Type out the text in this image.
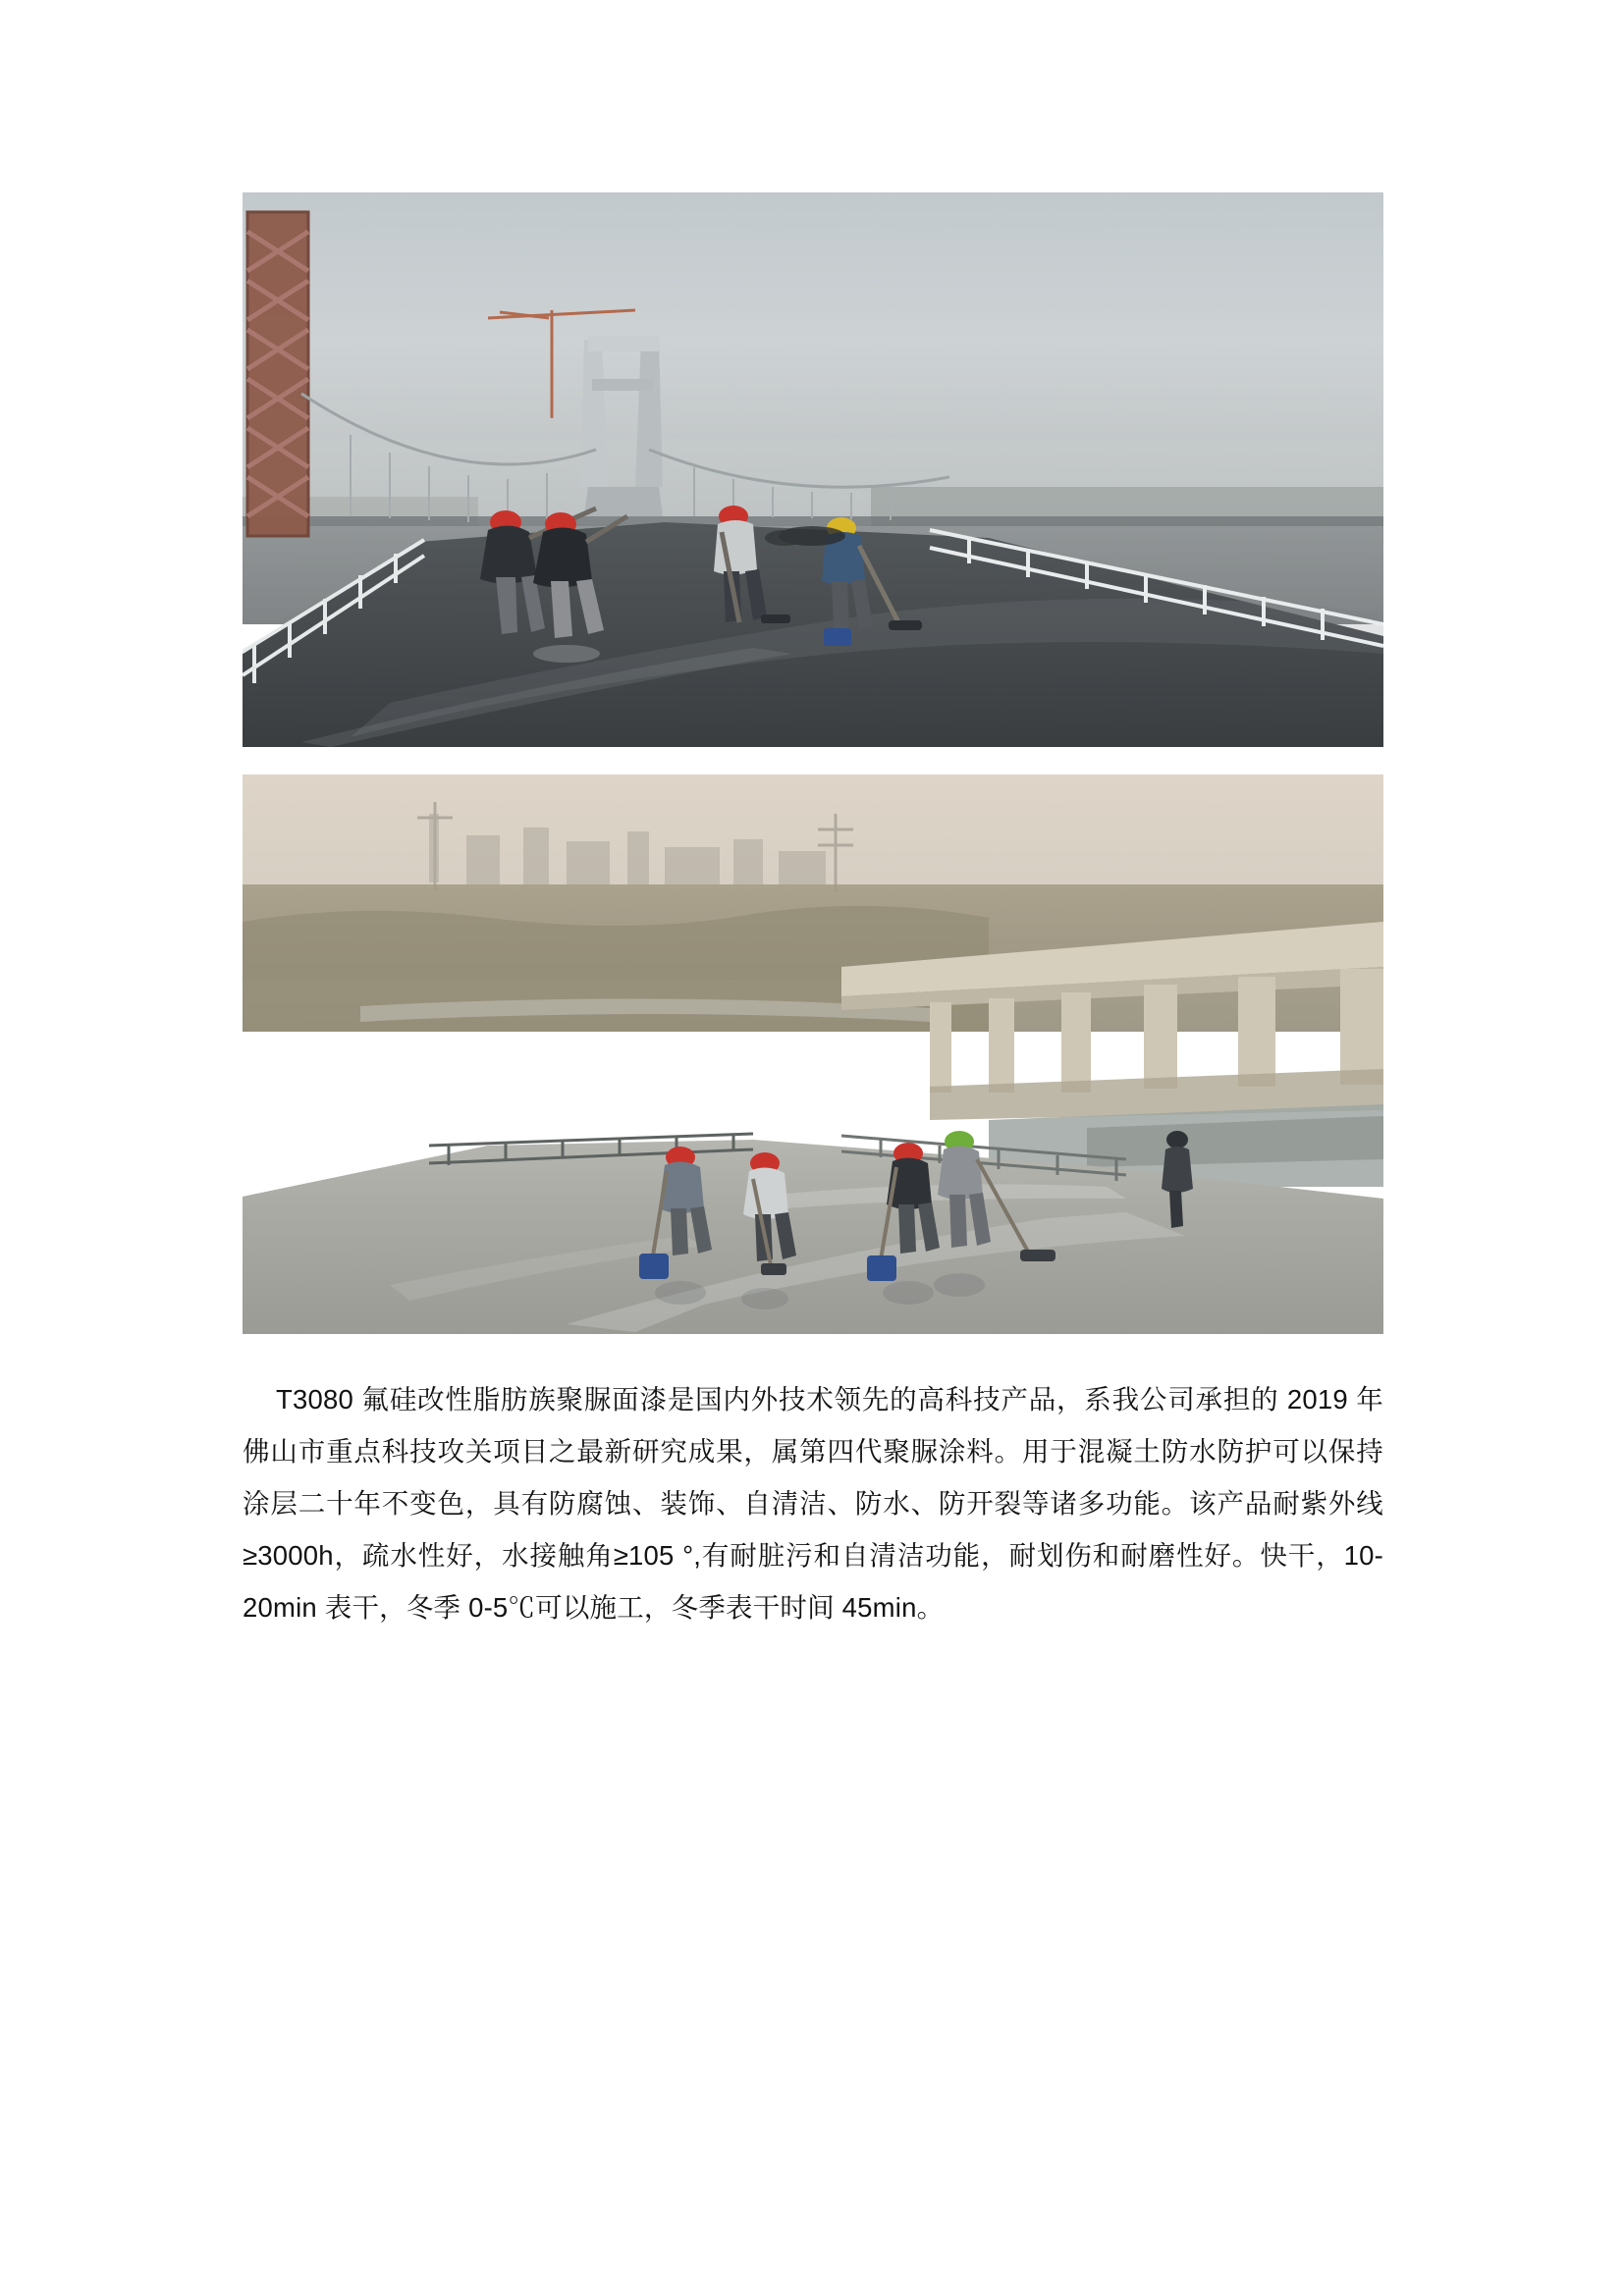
T3080 氟硅改性脂肪族聚脲面漆是国内外技术领先的高科技产品，系我公司承担的 2019 年佛山市重点科技攻关项目之最新研究成果，属第四代聚脲涂料。用于混凝土防水防护可以保持涂层二十年不变色，具有防腐蚀、装饰、自清洁、防水、防开裂等诸多功能。该产品耐紫外线≥3000h，疏水性好，水接触角≥105 °,有耐脏污和自清洁功能，耐划伤和耐磨性好。快干，10-20min 表干，冬季 0-5℃可以施工，冬季表干时间 45min。
